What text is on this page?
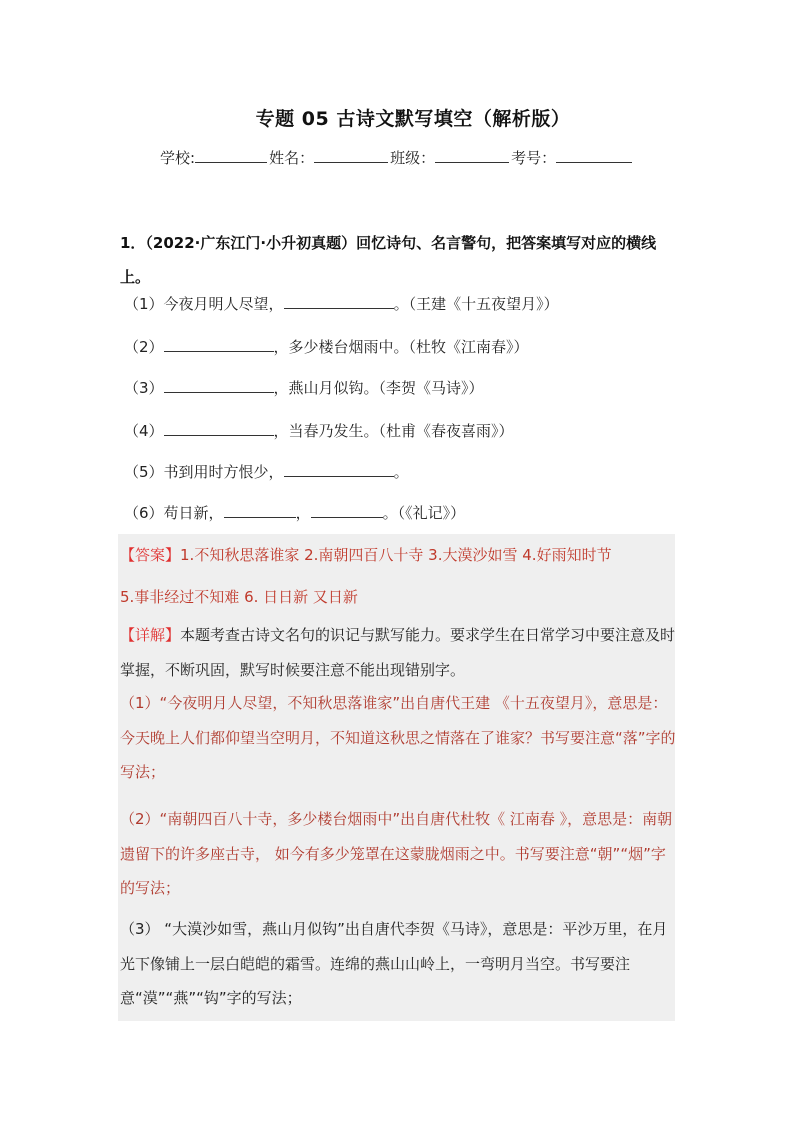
专题 05 古诗文默写填空（解析版）
学校:	姓名：	班级：	考号：
1．（2022·广东江门·小升初真题）回忆诗句、名言警句，把答案填写对应的横线上。
（1）今夜月明人尽望，	。（王建《十五夜望月》）
（2）	，多少楼台烟雨中。（杜牧《江南春》）
（3）	，燕山月似钩。（李贺《马诗》）
（4）	，当春乃发生。（杜甫《春夜喜雨》）
（5）书到用时方恨少，	。
（6）苟日新，	，	。（《礼记》）
【答案】1.不知秋思落谁家 2.南朝四百八十寺 3.大漠沙如雪 4.好雨知时节
5.事非经过不知难 6. 日日新 又日新
【详解】本题考查古诗文名句的识记与默写能力。要求学生在日常学习中要注意及时掌握，不断巩固，默写时候要注意不能出现错别字。
（1）“今夜明月人尽望，不知秋思落谁家”出自唐代王建 《十五夜望月》，意思是：今天晚上人们都仰望当空明月，不知道这秋思之情落在了谁家？书写要注意“落”字的写法；
（2）“南朝四百八十寺，多少楼台烟雨中”出自唐代杜牧《 江南春 》，意思是：南朝遗留下的许多座古寺， 如今有多少笼罩在这蒙胧烟雨之中。书写要注意“朝”“烟”字的写法；
（3） “大漠沙如雪，燕山月似钩”出自唐代李贺《马诗》，意思是：平沙万里，在月光下像铺上一层白皑皑的霜雪。连绵的燕山山岭上，一弯明月当空。书写要注意“漠”“燕”“钩”字的写法；
